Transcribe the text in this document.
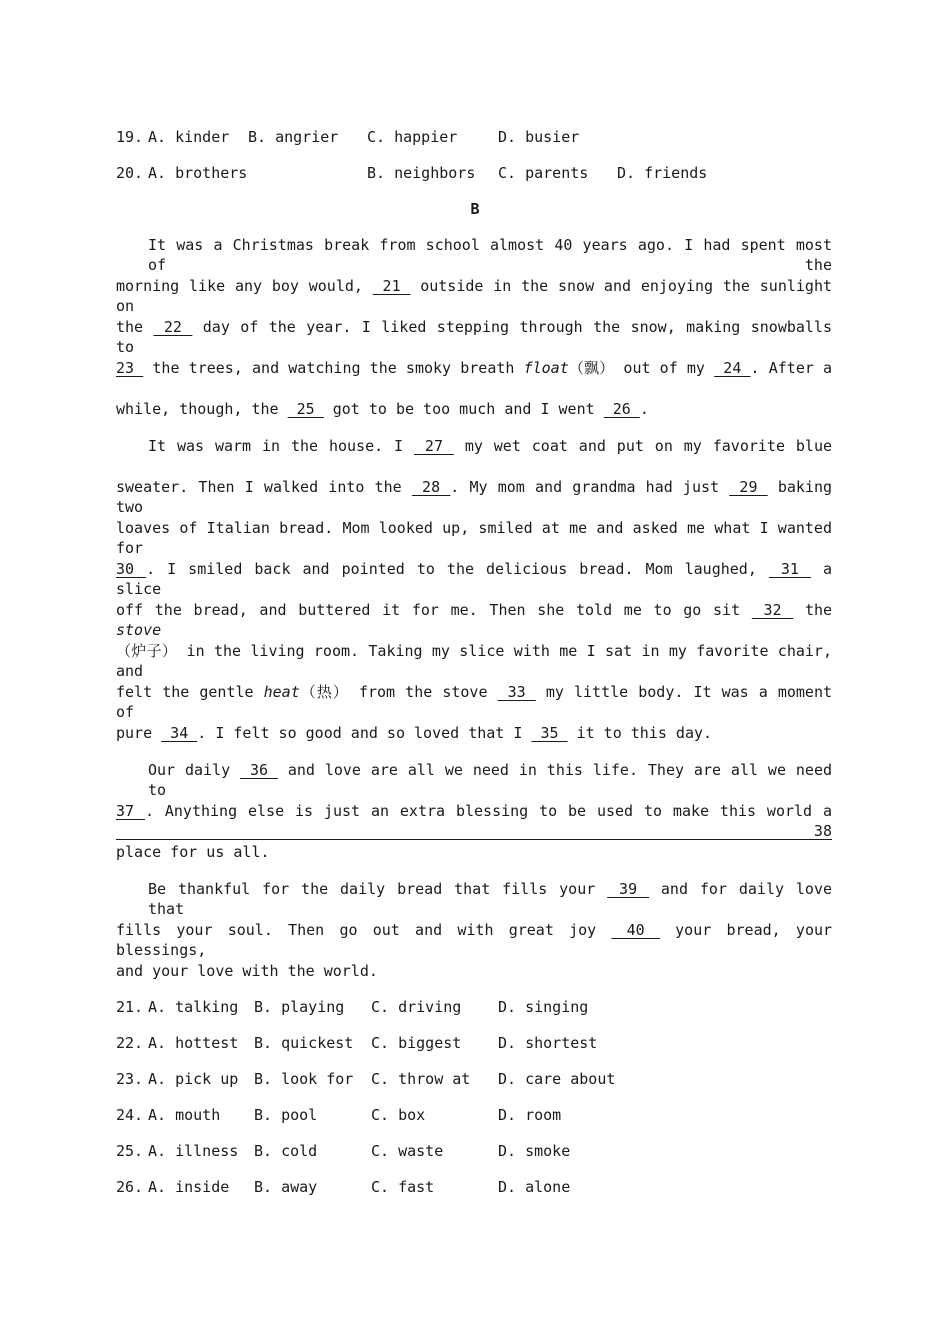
19. A. kinder B. angrier C. happier	D. busier
20. A. brothers	B. neighbors C. parents D. friends
B
It was a Christmas break from school almost 40 years ago. I had spent most of the
morning like any boy would,  21  outside in the snow and enjoying the sunlight on
the  22  day of the year. I liked stepping through the snow, making snowballs to
23  the trees, and watching the smoky breath float（飘） out of my  24 . After a
while, though, the  25  got to be too much and I went  26 .
It was warm in the house. I  27  my wet coat and put on my favorite blue
sweater. Then I walked into the  28 . My mom and grandma had just  29  baking two
loaves of Italian bread. Mom looked up, smiled at me and asked me what I wanted for
30 . I smiled back and pointed to the delicious bread. Mom laughed,  31  a slice
off the bread, and buttered it for me. Then she told me to go sit  32  the stove
（炉子） in the living room. Taking my slice with me I sat in my favorite chair, and
felt the gentle heat（热） from the stove  33  my little body. It was a moment of
pure  34 . I felt so good and so loved that I  35  it to this day.
Our daily  36  and love are all we need in this life. They are all we need to
37 . Anything else is just an extra blessing to be used to make this world a  38
place for us all.
Be thankful for the daily bread that fills your  39  and for daily love that
fills your soul. Then go out and with great joy  40  your bread, your blessings,
and your love with the world.
21. A. talking B. playing C. driving D. singing
22. A. hottest B. quickest C. biggest D. shortest
23. A. pick up B. look for C. throw at D. care about
24. A. mouth B. pool	C. box	D. room
25. A. illness B. cold	C. waste	D. smoke
26. A. inside B. away	C. fast	D. alone
